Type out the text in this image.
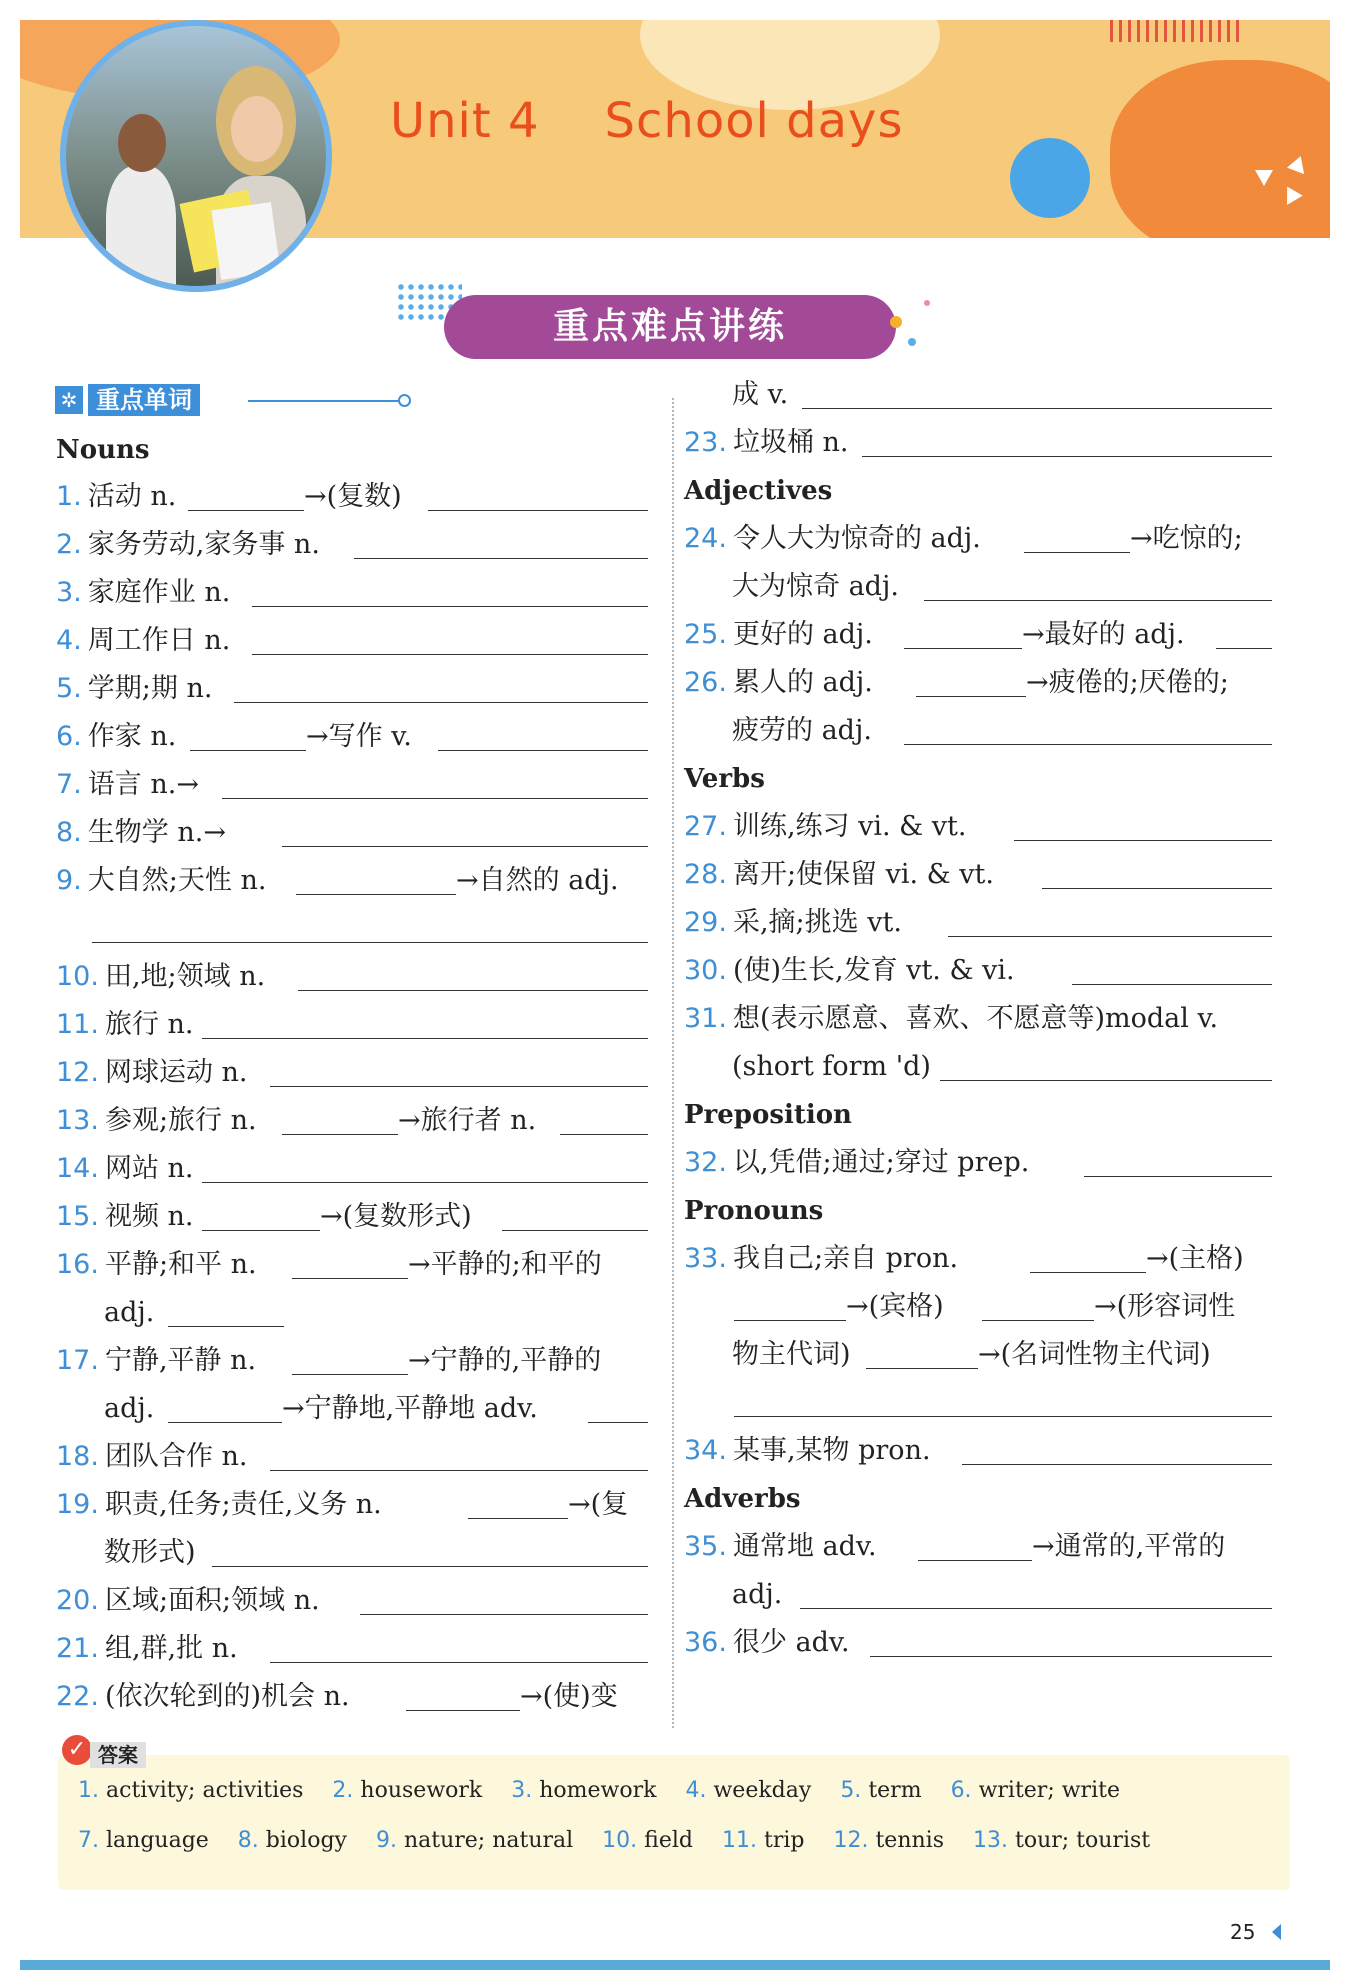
Unit 4    School days
重点难点讲练
✲ 重点单词
Nouns
1. 活动 n.	→(复数)
2. 家务劳动,家务事 n.
3. 家庭作业 n.
4. 周工作日 n.
5. 学期;期 n.
6. 作家 n.	→写作 v.
7. 语言 n.→
8. 生物学 n.→
9. 大自然;天性 n.	→自然的 adj.
10. 田,地;领域 n.
11. 旅行 n.
12. 网球运动 n.
13. 参观;旅行 n.	→旅行者 n.
14. 网站 n.
15. 视频 n.	→(复数形式)
16. 平静;和平 n.	→平静的;和平的
adj.
17. 宁静,平静 n.	→宁静的,平静的
adj.	→宁静地,平静地 adv.
18. 团队合作 n.
19. 职责,任务;责任,义务 n.	→(复
数形式)
20. 区域;面积;领域 n.
21. 组,群,批 n.
22. (依次轮到的)机会 n.	→(使)变
成 v.
23. 垃圾桶 n.
Adjectives
24. 令人大为惊奇的 adj.	→吃惊的;
大为惊奇 adj.
25. 更好的 adj.	→最好的 adj.
26. 累人的 adj.	→疲倦的;厌倦的;
疲劳的 adj.
Verbs
27. 训练,练习 vi. & vt.
28. 离开;使保留 vi. & vt.
29. 采,摘;挑选 vt.
30. (使)生长,发育 vt. & vi.
31. 想(表示愿意、喜欢、不愿意等)modal v.
(short form 'd)
Preposition
32. 以,凭借;通过;穿过 prep.
Pronouns
33. 我自己;亲自 pron.	→(主格)
→(宾格)	→(形容词性
物主代词)	→(名词性物主代词)
34. 某事,某物 pron.
Adverbs
35. 通常地 adv.	→通常的,平常的
adj.
36. 很少 adv.
✓ 答案
1. activity; activities 2. housework 3. homework 4. weekday 5. term 6. writer; write
7. language 8. biology 9. nature; natural 10. field 11. trip 12. tennis 13. tour; tourist
25
